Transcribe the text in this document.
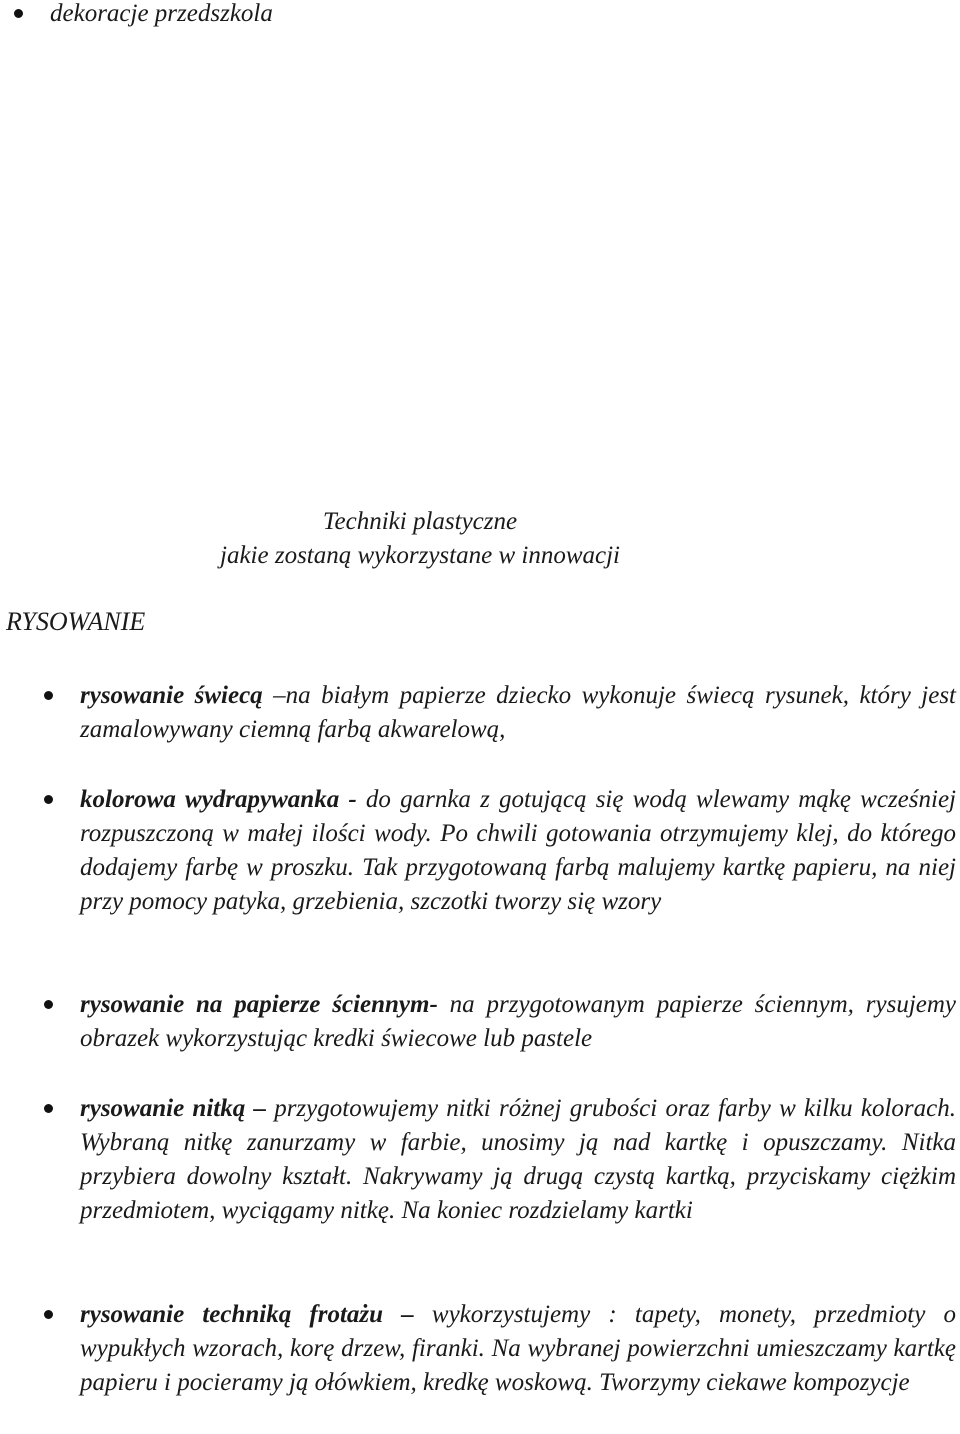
dekoracje przedszkola
Techniki plastyczne
jakie zostaną wykorzystane w innowacji
RYSOWANIE
rysowanie świecą –na białym papierze dziecko wykonuje świecą rysunek, który jest zamalowywany ciemną farbą akwarelową,
kolorowa wydrapywanka - do garnka z gotującą się wodą wlewamy mąkę wcześniej rozpuszczoną w małej ilości wody. Po chwili gotowania otrzymujemy klej, do którego dodajemy farbę w proszku. Tak przygotowaną farbą malujemy kartkę papieru, na niej przy pomocy patyka, grzebienia, szczotki tworzy się wzory
rysowanie na papierze ściennym- na przygotowanym papierze ściennym, rysujemy obrazek wykorzystując kredki świecowe lub pastele
rysowanie nitką – przygotowujemy nitki różnej grubości oraz farby w kilku kolorach. Wybraną nitkę zanurzamy w farbie, unosimy ją nad kartkę i opuszczamy. Nitka przybiera dowolny kształt. Nakrywamy ją drugą czystą kartką, przyciskamy ciężkim przedmiotem, wyciągamy nitkę. Na koniec rozdzielamy kartki
rysowanie techniką frotażu – wykorzystujemy : tapety, monety, przedmioty o wypukłych wzorach, korę drzew, firanki. Na wybranej powierzchni umieszczamy kartkę papieru i pocieramy ją ołówkiem, kredkę woskową. Tworzymy ciekawe kompozycje
